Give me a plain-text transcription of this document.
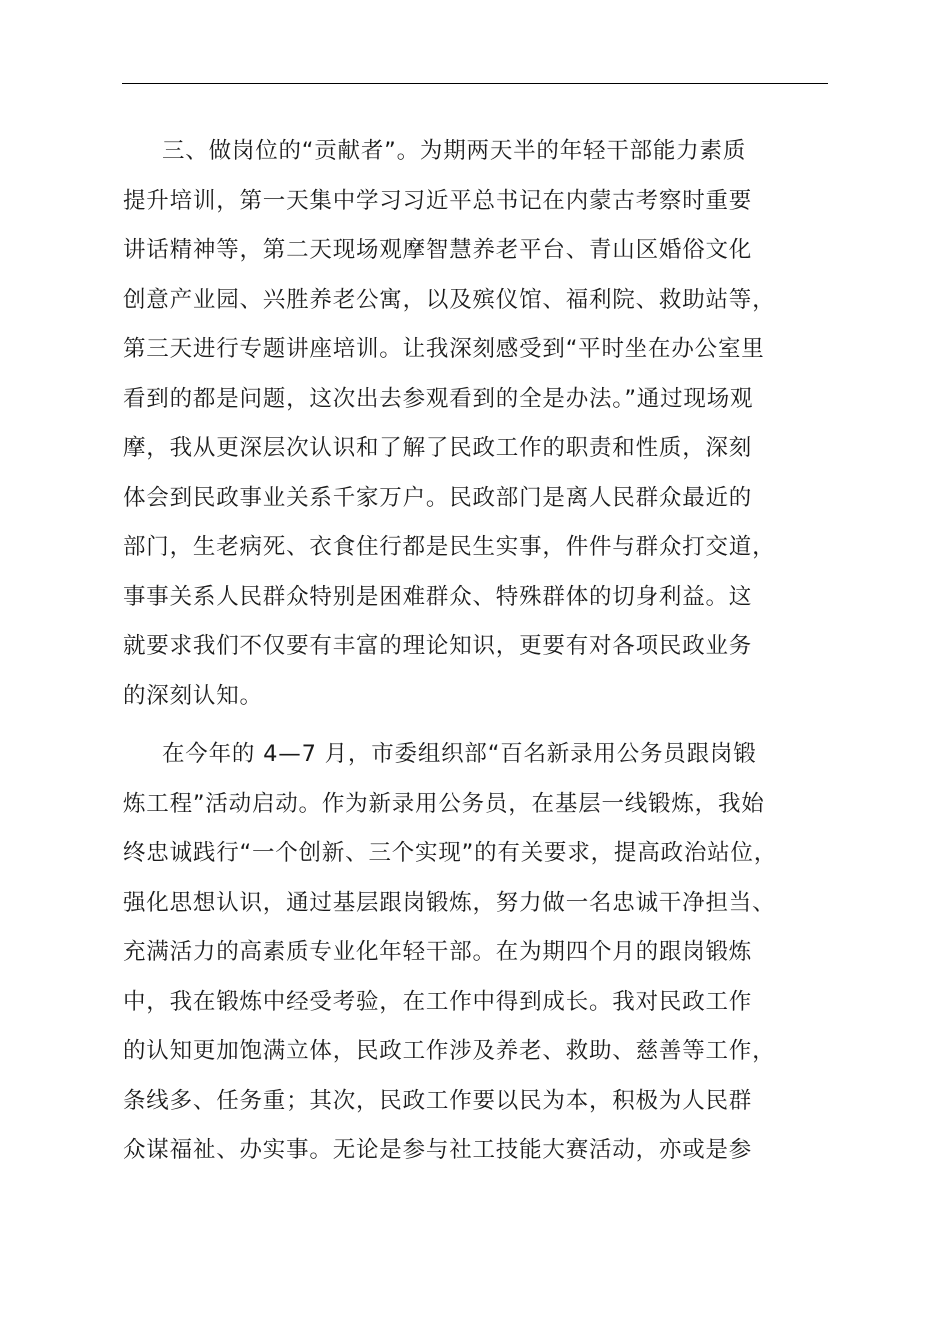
三、做岗位的“贡献者”。为期两天半的年轻干部能力素质
提升培训，第一天集中学习习近平总书记在内蒙古考察时重要
讲话精神等，第二天现场观摩智慧养老平台、青山区婚俗文化
创意产业园、兴胜养老公寓，以及殡仪馆、福利院、救助站等，
第三天进行专题讲座培训。让我深刻感受到“平时坐在办公室里
看到的都是问题，这次出去参观看到的全是办法。”通过现场观
摩，我从更深层次认识和了解了民政工作的职责和性质，深刻
体会到民政事业关系千家万户。民政部门是离人民群众最近的
部门，生老病死、衣食住行都是民生实事，件件与群众打交道，
事事关系人民群众特别是困难群众、特殊群体的切身利益。这
就要求我们不仅要有丰富的理论知识，更要有对各项民政业务
的深刻认知。

在今年的 4—7 月，市委组织部“百名新录用公务员跟岗锻
炼工程”活动启动。作为新录用公务员，在基层一线锻炼，我始
终忠诚践行“一个创新、三个实现”的有关要求，提高政治站位，
强化思想认识，通过基层跟岗锻炼，努力做一名忠诚干净担当、
充满活力的高素质专业化年轻干部。在为期四个月的跟岗锻炼
中，我在锻炼中经受考验，在工作中得到成长。我对民政工作
的认知更加饱满立体，民政工作涉及养老、救助、慈善等工作，
条线多、任务重；其次，民政工作要以民为本，积极为人民群
众谋福祉、办实事。无论是参与社工技能大赛活动，亦或是参
